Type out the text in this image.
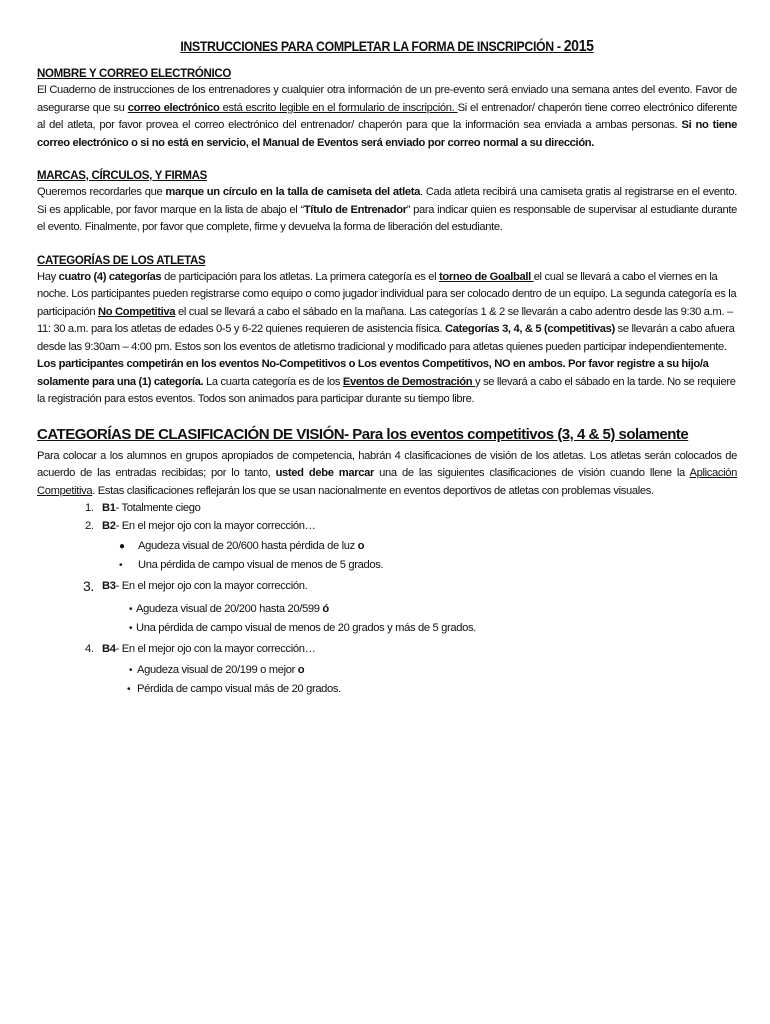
INSTRUCCIONES PARA COMPLETAR LA FORMA DE INSCRIPCIÓN - 2015
NOMBRE Y CORREO ELECTRÓNICO

El Cuaderno de instrucciones de los entrenadores y cualquier otra información de un pre-evento será enviado una semana antes del evento. Favor de asegurarse que su correo electrónico está escrito legible en el formulario de inscripción. Si el entrenador/ chaperón tiene correo electrónico diferente al del atleta, por favor provea el correo electrónico del entrenador/ chaperón para que la información sea enviada a ambas personas. Si no tiene correo electrónico o si no está en servicio, el Manual de Eventos será enviado por correo normal a su dirección.

MARCAS, CÍRCULOS, Y FIRMAS

Queremos recordarles que marque un círculo en la talla de camiseta del atleta. Cada atleta recibirá una camiseta gratis al registrarse en el evento. Si es applicable, por favor marque en la lista de abajo el “Título de Entrenador” para indicar quien es responsable de supervisar al estudiante durante el evento. Finalmente, por favor que complete, firme y devuelva la forma de liberación del estudiante.

CATEGORÍAS DE LOS ATLETAS

Hay cuatro (4) categorías de participación para los atletas. La primera categoría es el torneo de Goalball el cual se llevará a cabo el viernes en la noche. Los participantes pueden registrarse como equipo o como jugador individual para ser colocado dentro de un equipo. La segunda categoría es la participación No Competitiva el cual se llevará a cabo el sábado en la mañana. Las categorías 1 & 2 se llevarán a cabo adentro desde las 9:30 a.m. – 11: 30 a.m. para los atletas de edades 0-5 y 6-22 quienes requieren de asistencia física. Categorías 3, 4, & 5 (competitivas) se llevarán a cabo afuera desde las 9:30am – 4:00 pm. Estos son los eventos de atletismo tradicional y modificado para atletas quienes pueden participar independientemente. Los participantes competirán en los eventos No-Competitivos o Los eventos Competitivos, NO en ambos. Por favor registre a su hijo/a solamente para una (1) categoría. La cuarta categoría es de los Eventos de Demostración y se llevará a cabo el sábado en la tarde. No se requiere la registración para estos eventos. Todos son animados para participar durante su tiempo libre.

CATEGORÍAS DE CLASIFICACIÓN DE VISIÓN- Para los eventos competitivos (3, 4 & 5) solamente

Para colocar a los alumnos en grupos apropiados de competencia, habrán 4 clasificaciones de visión de los atletas. Los atletas serán colocados de acuerdo de las entradas recibidas; por lo tanto, usted debe marcar una de las siguientes clasificaciones de visión cuando llene la Aplicación Competitiva. Estas clasificaciones reflejarán los que se usan nacionalmente en eventos deportivos de atletas con problemas visuales.

1. B1- Totalmente ciego
2. B2- En el mejor ojo con la mayor corrección…
● Agudeza visual de 20/600 hasta pérdida de luz o
• Una pérdida de campo visual de menos de 5 grados.
3. B3- En el mejor ojo con la mayor corrección.
• Agudeza visual de 20/200 hasta 20/599 ó
• Una pérdida de campo visual de menos de 20 grados y más de 5 grados.
4. B4- En el mejor ojo con la mayor corrección…
• Agudeza visual de 20/199 o mejor o
• Pérdida de campo visual más de 20 grados.
